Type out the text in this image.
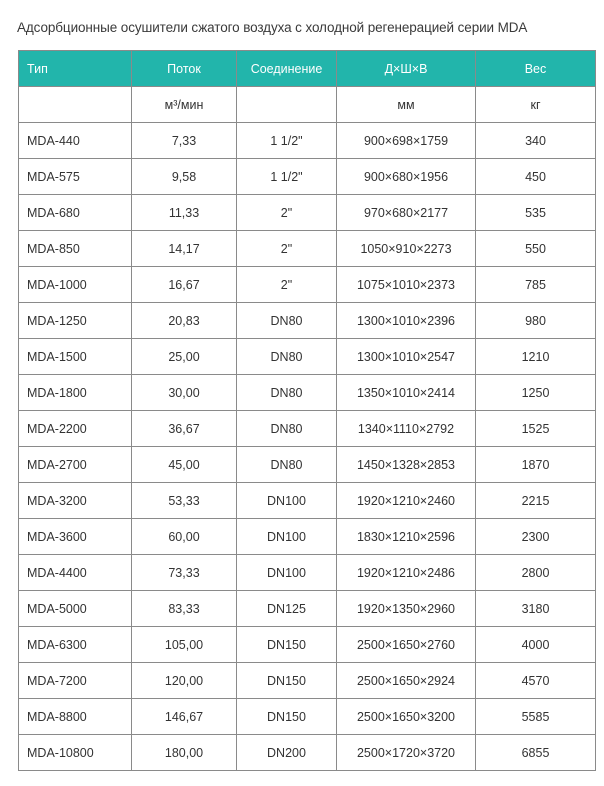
Адсорбционные осушители сжатого воздуха с холодной регенерацией серии MDA
Тип	Поток	Соединение	Д×Ш×В	Вес
	м³/мин		мм	кг
MDA-440	7,33	1 1/2"	900×698×1759	340
MDA-575	9,58	1 1/2"	900×680×1956	450
MDA-680	11,33	2"	970×680×2177	535
MDA-850	14,17	2"	1050×910×2273	550
MDA-1000	16,67	2"	1075×1010×2373	785
MDA-1250	20,83	DN80	1300×1010×2396	980
MDA-1500	25,00	DN80	1300×1010×2547	1210
MDA-1800	30,00	DN80	1350×1010×2414	1250
MDA-2200	36,67	DN80	1340×1110×2792	1525
MDA-2700	45,00	DN80	1450×1328×2853	1870
MDA-3200	53,33	DN100	1920×1210×2460	2215
MDA-3600	60,00	DN100	1830×1210×2596	2300
MDA-4400	73,33	DN100	1920×1210×2486	2800
MDA-5000	83,33	DN125	1920×1350×2960	3180
MDA-6300	105,00	DN150	2500×1650×2760	4000
MDA-7200	120,00	DN150	2500×1650×2924	4570
MDA-8800	146,67	DN150	2500×1650×3200	5585
MDA-10800	180,00	DN200	2500×1720×3720	6855
